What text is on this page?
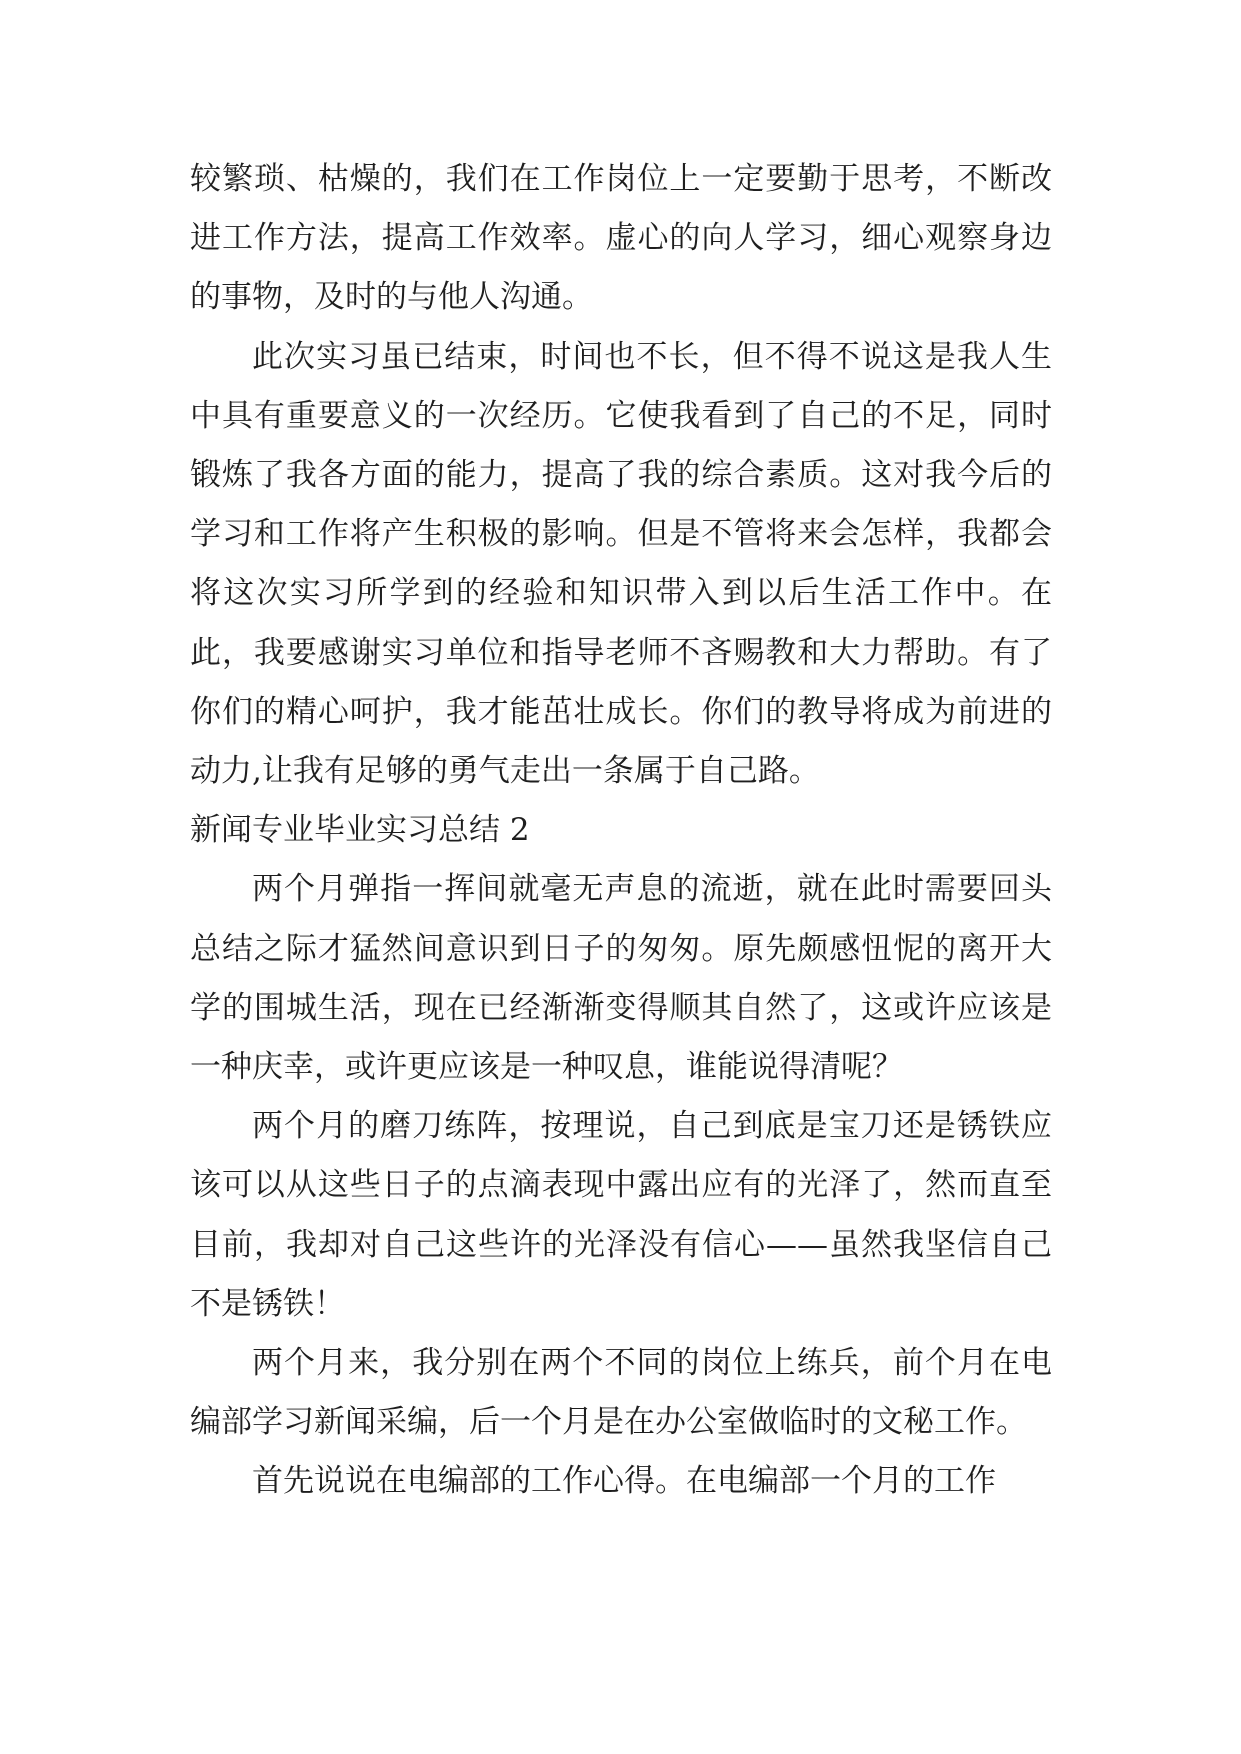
较繁琐、枯燥的，我们在工作岗位上一定要勤于思考，不断改进工作方法，提高工作效率。虚心的向人学习，细心观察身边的事物，及时的与他人沟通。

此次实习虽已结束，时间也不长，但不得不说这是我人生中具有重要意义的一次经历。它使我看到了自己的不足，同时锻炼了我各方面的能力，提高了我的综合素质。这对我今后的学习和工作将产生积极的影响。但是不管将来会怎样，我都会将这次实习所学到的经验和知识带入到以后生活工作中。在此，我要感谢实习单位和指导老师不吝赐教和大力帮助。有了你们的精心呵护，我才能茁壮成长。你们的教导将成为前进的动力,让我有足够的勇气走出一条属于自己路。

新闻专业毕业实习总结 2

两个月弹指一挥间就毫无声息的流逝，就在此时需要回头总结之际才猛然间意识到日子的匆匆。原先颇感忸怩的离开大学的围城生活，现在已经渐渐变得顺其自然了，这或许应该是一种庆幸，或许更应该是一种叹息，谁能说得清呢？

两个月的磨刀练阵，按理说，自己到底是宝刀还是锈铁应该可以从这些日子的点滴表现中露出应有的光泽了，然而直至目前，我却对自己这些许的光泽没有信心——虽然我坚信自己不是锈铁！

两个月来，我分别在两个不同的岗位上练兵，前个月在电编部学习新闻采编，后一个月是在办公室做临时的文秘工作。

首先说说在电编部的工作心得。在电编部一个月的工作
